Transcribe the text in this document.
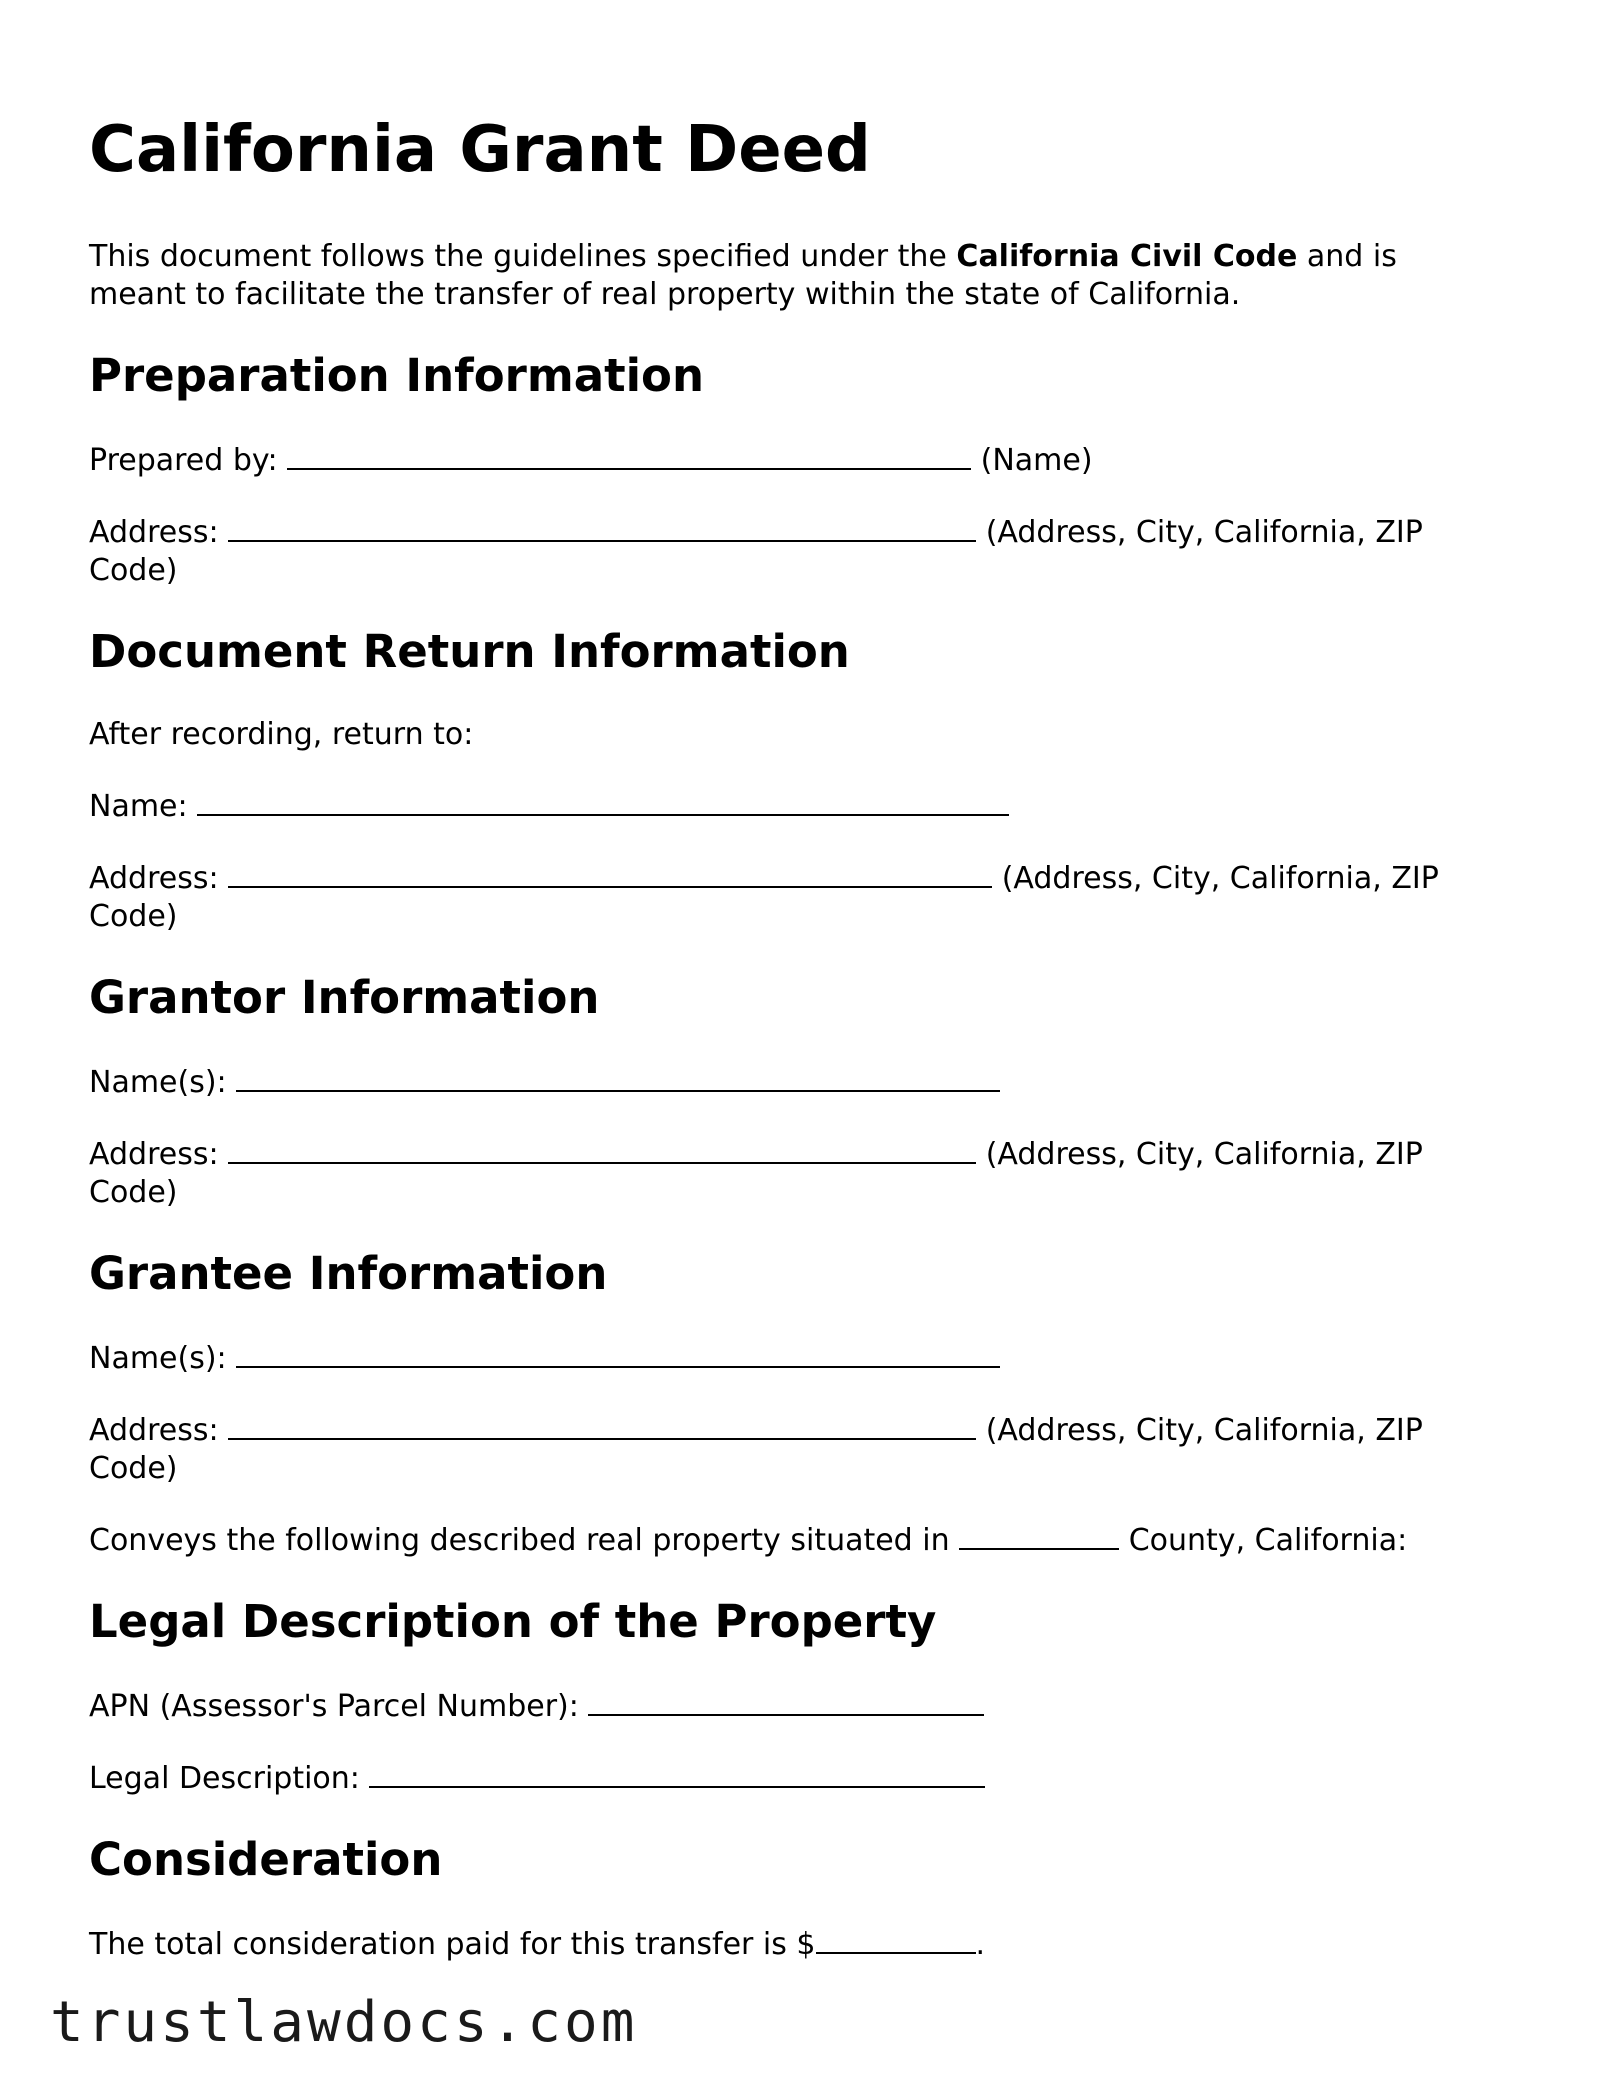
California Grant Deed

This document follows the guidelines specified under the California Civil Code and is meant to facilitate the transfer of real property within the state of California.

Preparation Information

Prepared by:	(Name)

Address:	(Address, City, California, ZIP Code)

Document Return Information

After recording, return to:

Name:

Address:	(Address, City, California, ZIP Code)

Grantor Information

Name(s):

Address:	(Address, City, California, ZIP Code)

Grantee Information

Name(s):

Address:	(Address, City, California, ZIP Code)

Conveys the following described real property situated in	County, California:

Legal Description of the Property

APN (Assessor's Parcel Number):

Legal Description:

Consideration

The total consideration paid for this transfer is $	.

trustlawdocs.com
